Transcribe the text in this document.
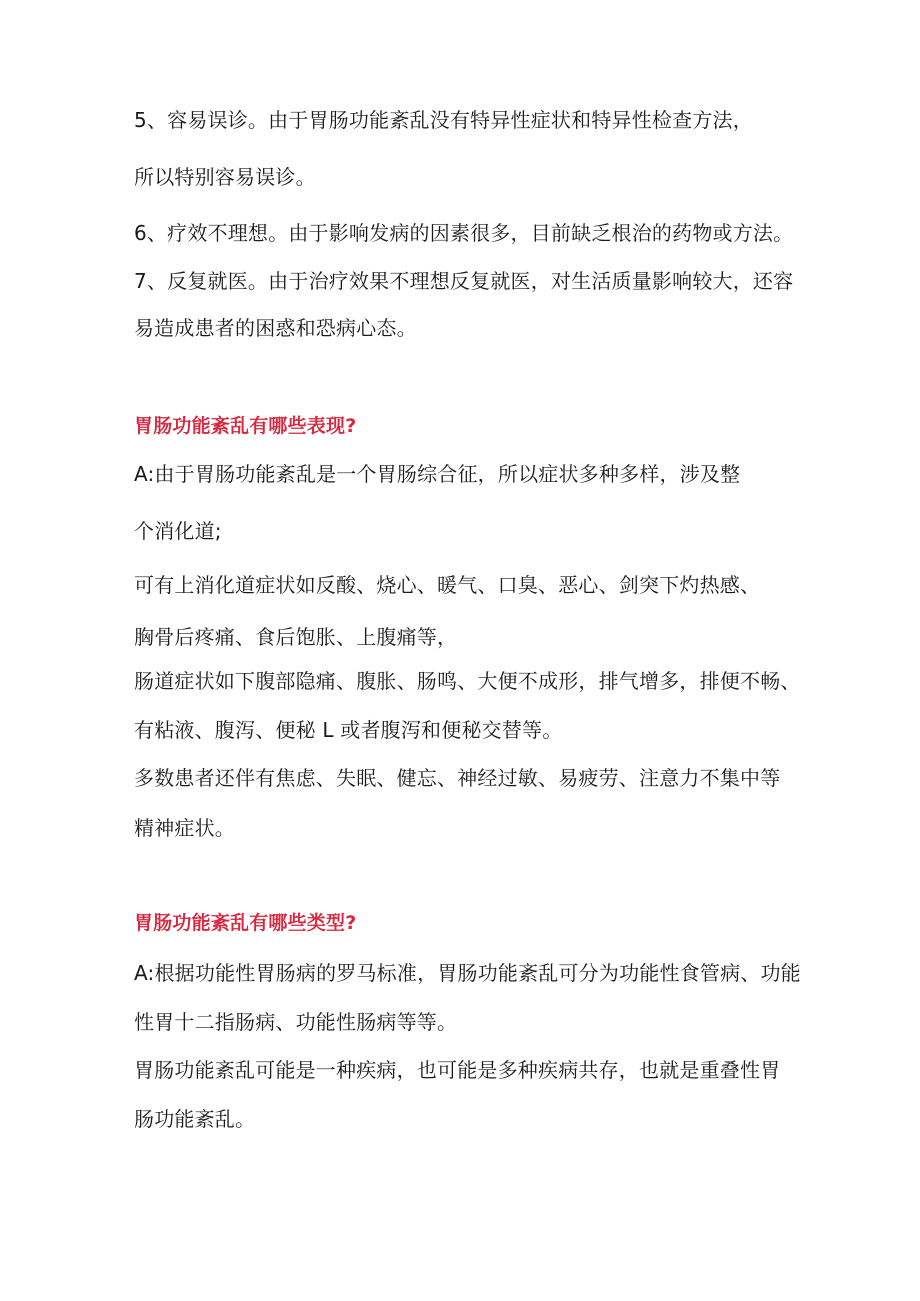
5、容易误诊。由于胃肠功能紊乱没有特异性症状和特异性检查方法，
所以特别容易误诊。
6、疗效不理想。由于影响发病的因素很多，目前缺乏根治的药物或方法。
7、反复就医。由于治疗效果不理想反复就医，对生活质量影响较大，还容
易造成患者的困惑和恐病心态。
胃肠功能紊乱有哪些表现?
A:由于胃肠功能紊乱是一个胃肠综合征，所以症状多种多样，涉及整
个消化道;
可有上消化道症状如反酸、烧心、暖气、口臭、恶心、剑突下灼热感、
胸骨后疼痛、食后饱胀、上腹痛等，
肠道症状如下腹部隐痛、腹胀、肠鸣、大便不成形，排气增多，排便不畅、
有粘液、腹泻、便秘 L 或者腹泻和便秘交替等。
多数患者还伴有焦虑、失眠、健忘、神经过敏、易疲劳、注意力不集中等
精神症状。
胃肠功能紊乱有哪些类型?
A:根据功能性胃肠病的罗马标准，胃肠功能紊乱可分为功能性食管病、功能
性胃十二指肠病、功能性肠病等等。
胃肠功能紊乱可能是一种疾病，也可能是多种疾病共存，也就是重叠性胃
肠功能紊乱。
